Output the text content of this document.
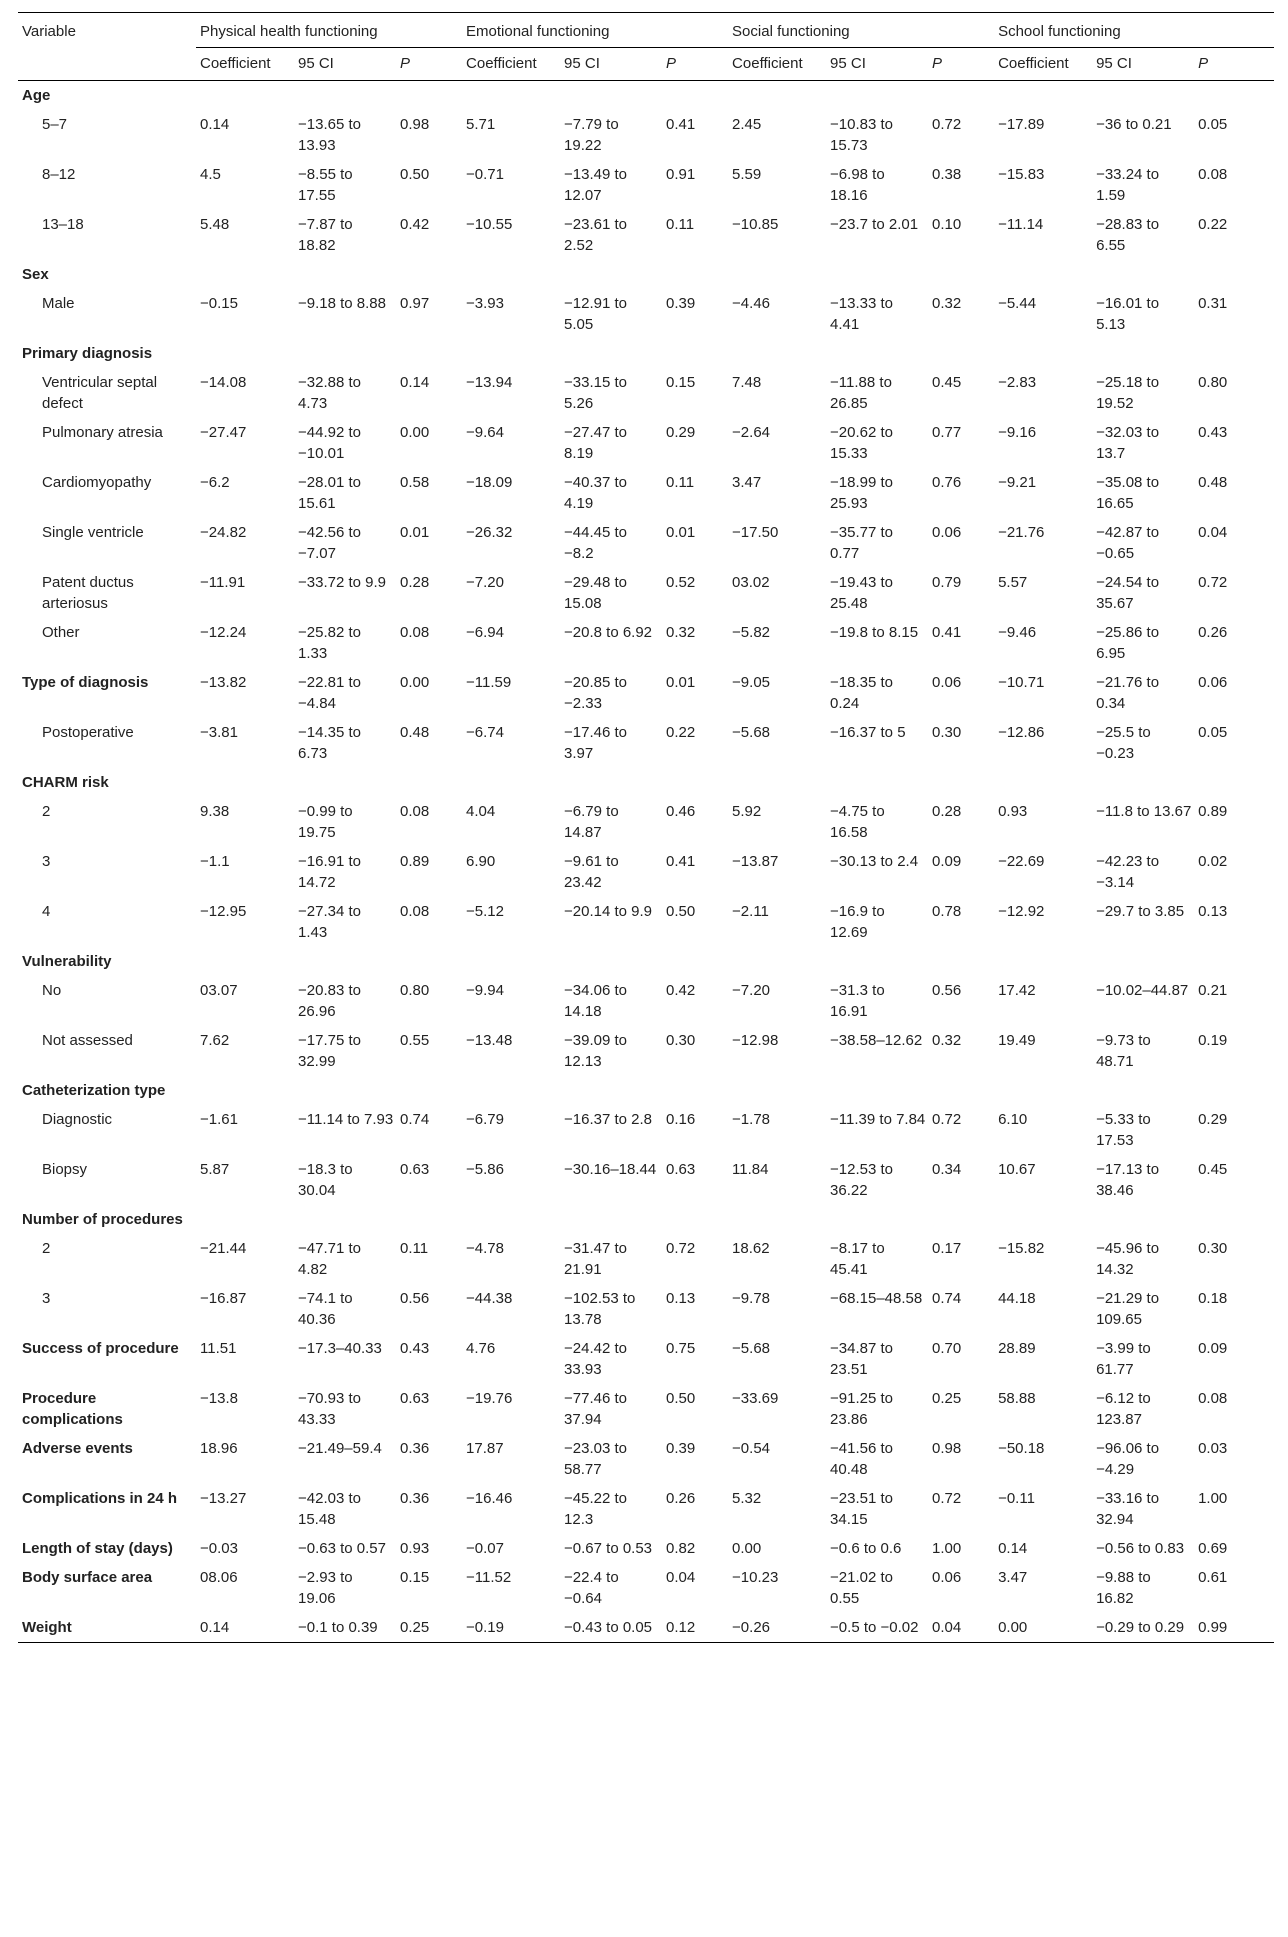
Variable	Physical health functioning			Emotional functioning			Social functioning			School functioning		
	Coefficient	95 CI	P	Coefficient	95 CI	P	Coefficient	95 CI	P	Coefficient	95 CI	P
Age												
5–7	0.14	−13.65 to 13.93	0.98	5.71	−7.79 to 19.22	0.41	2.45	−10.83 to 15.73	0.72	−17.89	−36 to 0.21	0.05
8–12	4.5	−8.55 to 17.55	0.50	−0.71	−13.49 to 12.07	0.91	5.59	−6.98 to 18.16	0.38	−15.83	−33.24 to 1.59	0.08
13–18	5.48	−7.87 to 18.82	0.42	−10.55	−23.61 to 2.52	0.11	−10.85	−23.7 to 2.01	0.10	−11.14	−28.83 to 6.55	0.22
Sex												
Male	−0.15	−9.18 to 8.88	0.97	−3.93	−12.91 to 5.05	0.39	−4.46	−13.33 to 4.41	0.32	−5.44	−16.01 to 5.13	0.31
Primary diagnosis												
Ventricular septal defect	−14.08	−32.88 to 4.73	0.14	−13.94	−33.15 to 5.26	0.15	7.48	−11.88 to 26.85	0.45	−2.83	−25.18 to 19.52	0.80
Pulmonary atresia	−27.47	−44.92 to −10.01	0.00	−9.64	−27.47 to 8.19	0.29	−2.64	−20.62 to 15.33	0.77	−9.16	−32.03 to 13.7	0.43
Cardiomyopathy	−6.2	−28.01 to 15.61	0.58	−18.09	−40.37 to 4.19	0.11	3.47	−18.99 to 25.93	0.76	−9.21	−35.08 to 16.65	0.48
Single ventricle	−24.82	−42.56 to −7.07	0.01	−26.32	−44.45 to −8.2	0.01	−17.50	−35.77 to 0.77	0.06	−21.76	−42.87 to −0.65	0.04
Patent ductus arteriosus	−11.91	−33.72 to 9.9	0.28	−7.20	−29.48 to 15.08	0.52	03.02	−19.43 to 25.48	0.79	5.57	−24.54 to 35.67	0.72
Other	−12.24	−25.82 to 1.33	0.08	−6.94	−20.8 to 6.92	0.32	−5.82	−19.8 to 8.15	0.41	−9.46	−25.86 to 6.95	0.26
Type of diagnosis	−13.82	−22.81 to −4.84	0.00	−11.59	−20.85 to −2.33	0.01	−9.05	−18.35 to 0.24	0.06	−10.71	−21.76 to 0.34	0.06
Postoperative	−3.81	−14.35 to 6.73	0.48	−6.74	−17.46 to 3.97	0.22	−5.68	−16.37 to 5	0.30	−12.86	−25.5 to −0.23	0.05
CHARM risk												
2	9.38	−0.99 to 19.75	0.08	4.04	−6.79 to 14.87	0.46	5.92	−4.75 to 16.58	0.28	0.93	−11.8 to 13.67	0.89
3	−1.1	−16.91 to 14.72	0.89	6.90	−9.61 to 23.42	0.41	−13.87	−30.13 to 2.4	0.09	−22.69	−42.23 to −3.14	0.02
4	−12.95	−27.34 to 1.43	0.08	−5.12	−20.14 to 9.9	0.50	−2.11	−16.9 to 12.69	0.78	−12.92	−29.7 to 3.85	0.13
Vulnerability												
No	03.07	−20.83 to 26.96	0.80	−9.94	−34.06 to 14.18	0.42	−7.20	−31.3 to 16.91	0.56	17.42	−10.02–44.87	0.21
Not assessed	7.62	−17.75 to 32.99	0.55	−13.48	−39.09 to 12.13	0.30	−12.98	−38.58–12.62	0.32	19.49	−9.73 to 48.71	0.19
Catheterization type												
Diagnostic	−1.61	−11.14 to 7.93	0.74	−6.79	−16.37 to 2.8	0.16	−1.78	−11.39 to 7.84	0.72	6.10	−5.33 to 17.53	0.29
Biopsy	5.87	−18.3 to 30.04	0.63	−5.86	−30.16–18.44	0.63	11.84	−12.53 to 36.22	0.34	10.67	−17.13 to 38.46	0.45
Number of procedures												
2	−21.44	−47.71 to 4.82	0.11	−4.78	−31.47 to 21.91	0.72	18.62	−8.17 to 45.41	0.17	−15.82	−45.96 to 14.32	0.30
3	−16.87	−74.1 to 40.36	0.56	−44.38	−102.53 to 13.78	0.13	−9.78	−68.15–48.58	0.74	44.18	−21.29 to 109.65	0.18
Success of procedure	11.51	−17.3–40.33	0.43	4.76	−24.42 to 33.93	0.75	−5.68	−34.87 to 23.51	0.70	28.89	−3.99 to 61.77	0.09
Procedure complications	−13.8	−70.93 to 43.33	0.63	−19.76	−77.46 to 37.94	0.50	−33.69	−91.25 to 23.86	0.25	58.88	−6.12 to 123.87	0.08
Adverse events	18.96	−21.49–59.4	0.36	17.87	−23.03 to 58.77	0.39	−0.54	−41.56 to 40.48	0.98	−50.18	−96.06 to −4.29	0.03
Complications in 24 h	−13.27	−42.03 to 15.48	0.36	−16.46	−45.22 to 12.3	0.26	5.32	−23.51 to 34.15	0.72	−0.11	−33.16 to 32.94	1.00
Length of stay (days)	−0.03	−0.63 to 0.57	0.93	−0.07	−0.67 to 0.53	0.82	0.00	−0.6 to 0.6	1.00	0.14	−0.56 to 0.83	0.69
Body surface area	08.06	−2.93 to 19.06	0.15	−11.52	−22.4 to −0.64	0.04	−10.23	−21.02 to 0.55	0.06	3.47	−9.88 to 16.82	0.61
Weight	0.14	−0.1 to 0.39	0.25	−0.19	−0.43 to 0.05	0.12	−0.26	−0.5 to −0.02	0.04	0.00	−0.29 to 0.29	0.99
